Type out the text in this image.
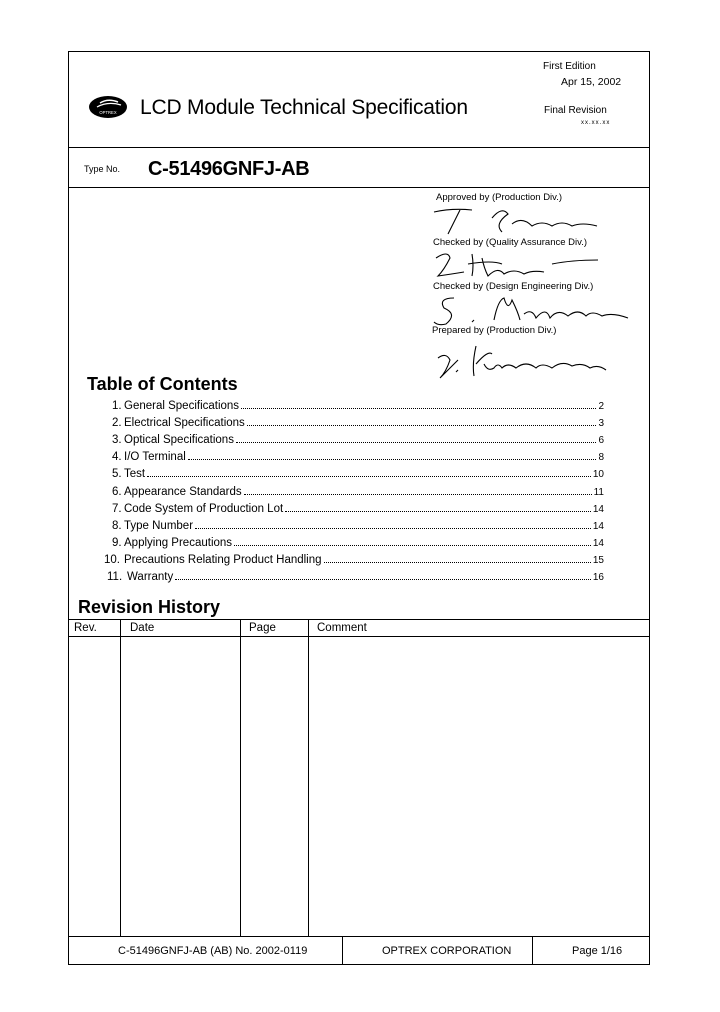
First Edition
Apr 15, 2002
Final Revision
xx.xx.xx
OPTREX LCD Module Technical Specification
Type No. C-51496GNFJ-AB
Approved by (Production Div.)
Checked by (Quality Assurance Div.)
Checked by (Design Engineering Div.)
Prepared by (Production Div.)
Table of Contents
1. General Specifications	2
2. Electrical Specifications	3
3. Optical Specifications	6
4. I/O Terminal	8
5. Test	10
6. Appearance Standards	11
7. Code System of Production Lot	14
8. Type Number	14
9. Applying Precautions	14
10. Precautions Relating Product Handling	15
11. Warranty	16
Revision History
Rev.	Date	Page	Comment
C-51496GNFJ-AB (AB) No. 2002-0119	OPTREX CORPORATION	Page 1/16
